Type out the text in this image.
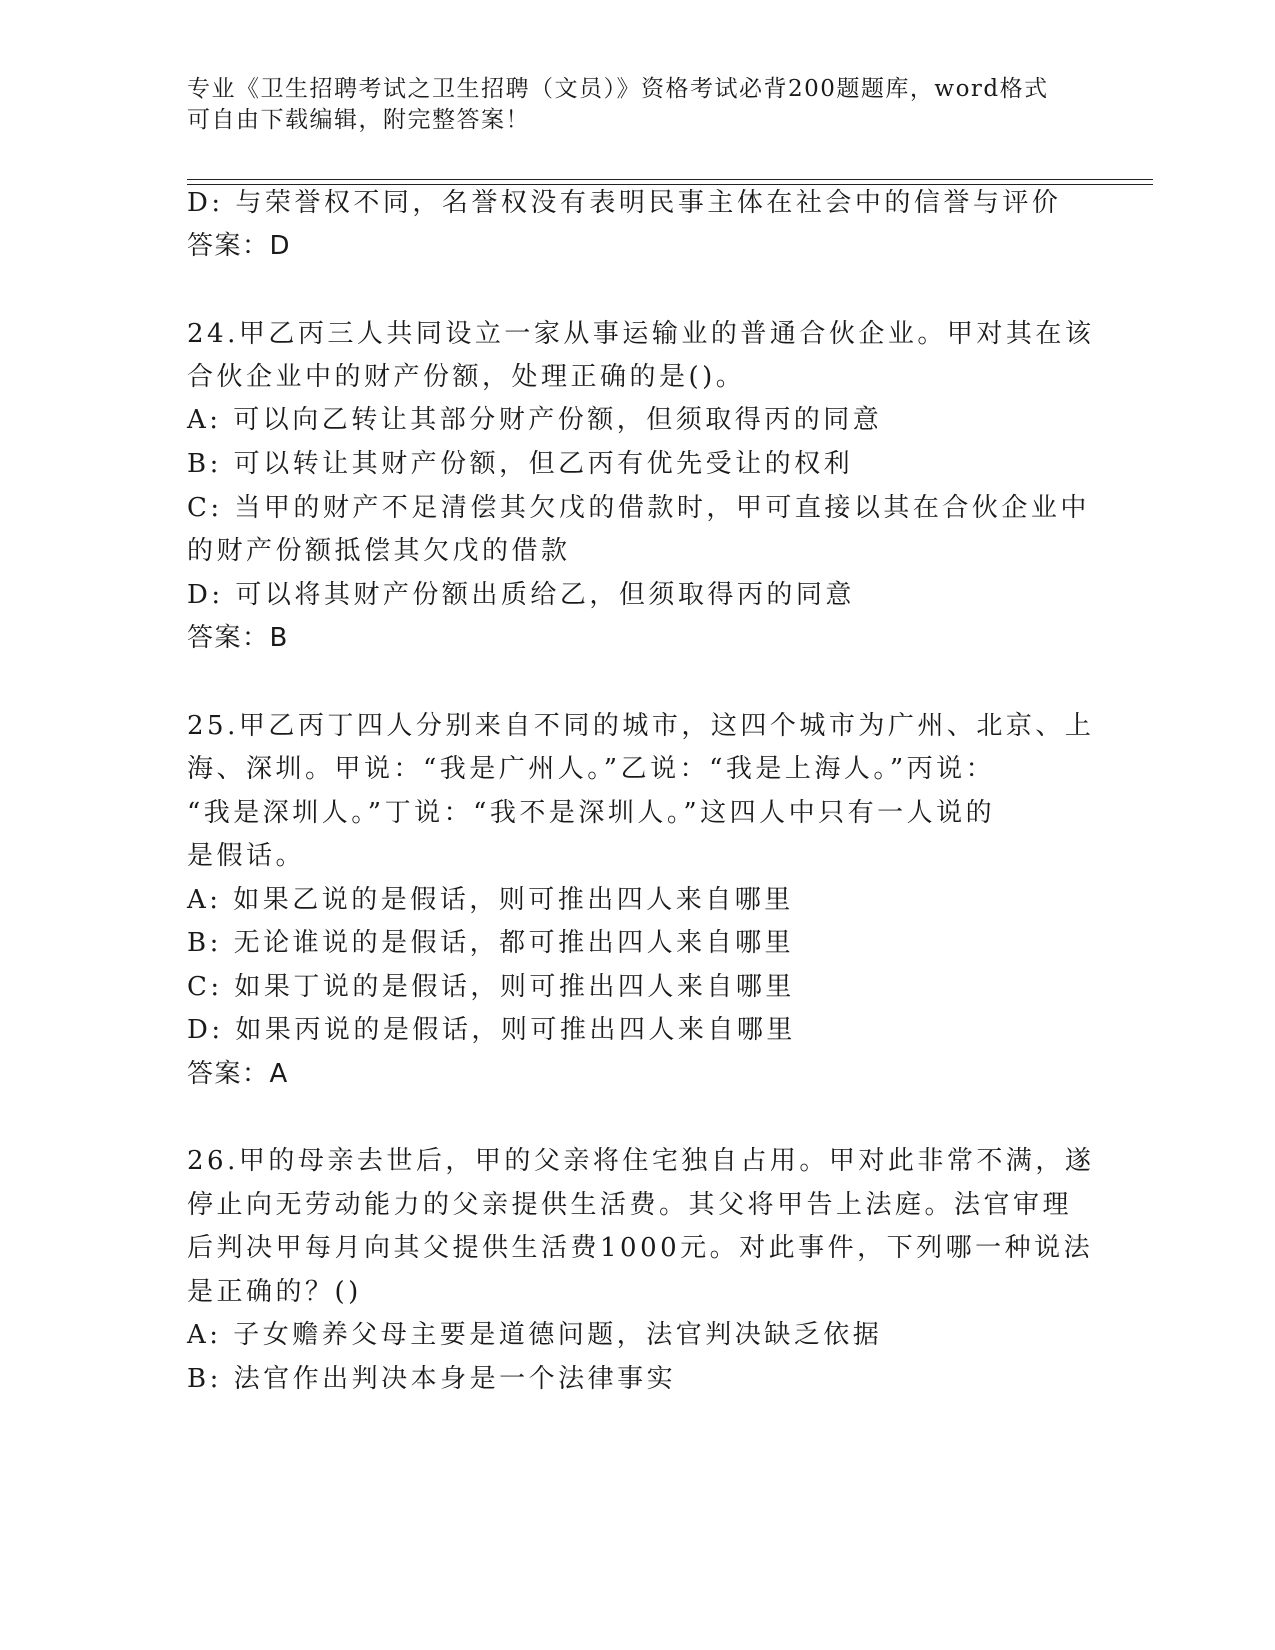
专业《卫生招聘考试之卫生招聘（文员）》资格考试必背200题题库，word格式
可自由下载编辑，附完整答案！
D: 与荣誉权不同，名誉权没有表明民事主体在社会中的信誉与评价
答案：D
24.甲乙丙三人共同设立一家从事运输业的普通合伙企业。甲对其在该
合伙企业中的财产份额，处理正确的是()。
A: 可以向乙转让其部分财产份额，但须取得丙的同意
B: 可以转让其财产份额，但乙丙有优先受让的权利
C: 当甲的财产不足清偿其欠戊的借款时，甲可直接以其在合伙企业中
的财产份额抵偿其欠戊的借款
D: 可以将其财产份额出质给乙，但须取得丙的同意
答案：B
25.甲乙丙丁四人分别来自不同的城市，这四个城市为广州、北京、上
海、深圳。甲说：“我是广州人。”乙说：“我是上海人。”丙说：
“我是深圳人。”丁说：“我不是深圳人。”这四人中只有一人说的
是假话。
A: 如果乙说的是假话，则可推出四人来自哪里
B: 无论谁说的是假话，都可推出四人来自哪里
C: 如果丁说的是假话，则可推出四人来自哪里
D: 如果丙说的是假话，则可推出四人来自哪里
答案：A
26.甲的母亲去世后，甲的父亲将住宅独自占用。甲对此非常不满，遂
停止向无劳动能力的父亲提供生活费。其父将甲告上法庭。法官审理
后判决甲每月向其父提供生活费1000元。对此事件，下列哪一种说法
是正确的？()
A: 子女赡养父母主要是道德问题，法官判决缺乏依据
B: 法官作出判决本身是一个法律事实
